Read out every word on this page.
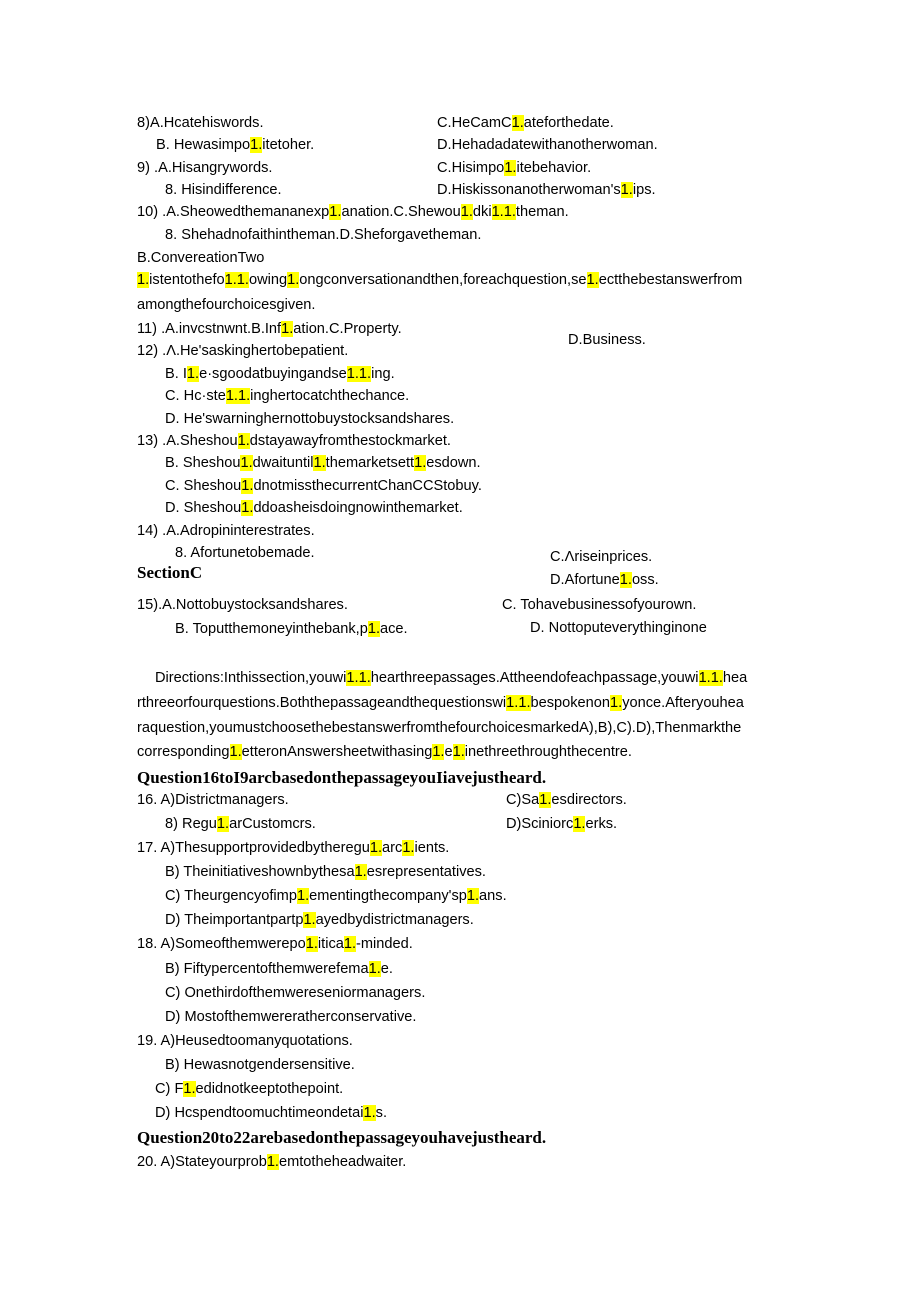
8)A.Hcatehiswords.	C.HeCamC1.ateforthedate.
B. Hewasimpo1.itetoher.	D.Hehadadatewithanotherwoman.
9) .A.Hisangrywords.	C.Hisimpo1.itebehavior.
8. Hisindifference.	D.Hiskissonanotherwoman's1.ips.
10) .A.Sheowedthemananexp1.anation.C.Shewou1.dki1.1.theman.
8. Shehadnofaithintheman.D.Sheforgavetheman.
B.ConvereationTwo
1.istentothefo1.1.owing1.ongconversationandthen,foreachquestion,se1.ectthebestanswerfrom
amongthefourchoicesgiven.
11) .A.invcstnwnt.B.Inf1.ation.C.Property.
D.Business.
12) .Λ.He'saskinghertobepatient.
B. I1.e·sgoodatbuyingandse1.1.ing.
C. Hc·ste1.1.inghertocatchthechance.
D. He'swarninghernottobuystocksandshares.
13) .A.Sheshou1.dstayawayfromthestockmarket.
B. Sheshou1.dwaituntil1.themarketsett1.esdown.
C. Sheshou1.dnotmissthecurrentChanCCStobuy.
D. Sheshou1.ddoasheisdoingnowinthemarket.
14) .A.Adropininterestrates.
8. Afortunetobemade.	C.Λriseinprices.
SectionC	D.Afortune1.oss.
15).A.Nottobuystocksandshares.	C. Tohavebusinessofyourown.
B. Toputthemoneyinthebank,p1.ace.	D. Nottoputeverythinginone
Directions:Inthissection,youwi1.1.hearthreepassages.Attheendofeachpassage,youwi1.1.hea
rthreeorfourquestions.Boththepassageandthequestionswi1.1.bespokenon1.yonce.Afteryouhea
raquestion,youmustchoosethebestanswerfromthefourchoicesmarkedA),B),C).D),Thenmarkthe
corresponding1.etteronAnswersheetwithasing1.e1.inethreethroughthecentre.
Question16toI9arcbasedonthepassageyouIiavejustheard.
16. A)Districtmanagers.	C)Sa1.esdirectors.
8) Regu1.arCustomcrs.	D)Sciniorc1.erks.
17. A)Thesupportprovidedbytheregu1.arc1.ients.
B) Theinitiativeshownbythesa1.esrepresentatives.
C) Theurgencyofimp1.ementingthecompany'sp1.ans.
D) Theimportantpartp1.ayedbydistrictmanagers.
18. A)Someofthemwerepo1.itica1.-minded.
B) Fiftypercentofthemwerefema1.e.
C) Onethirdofthemwereseniormanagers.
D) Mostofthemwereratherconservative.
19. A)Heusedtoomanyquotations.
B) Hewasnotgendersensitive.
C) F1.edidnotkeeptothepoint.
D) Hcspendtoomuchtimeondetai1.s.
Question20to22arebasedonthepassageyouhavejustheard.
20. A)Stateyourprob1.emtotheheadwaiter.
